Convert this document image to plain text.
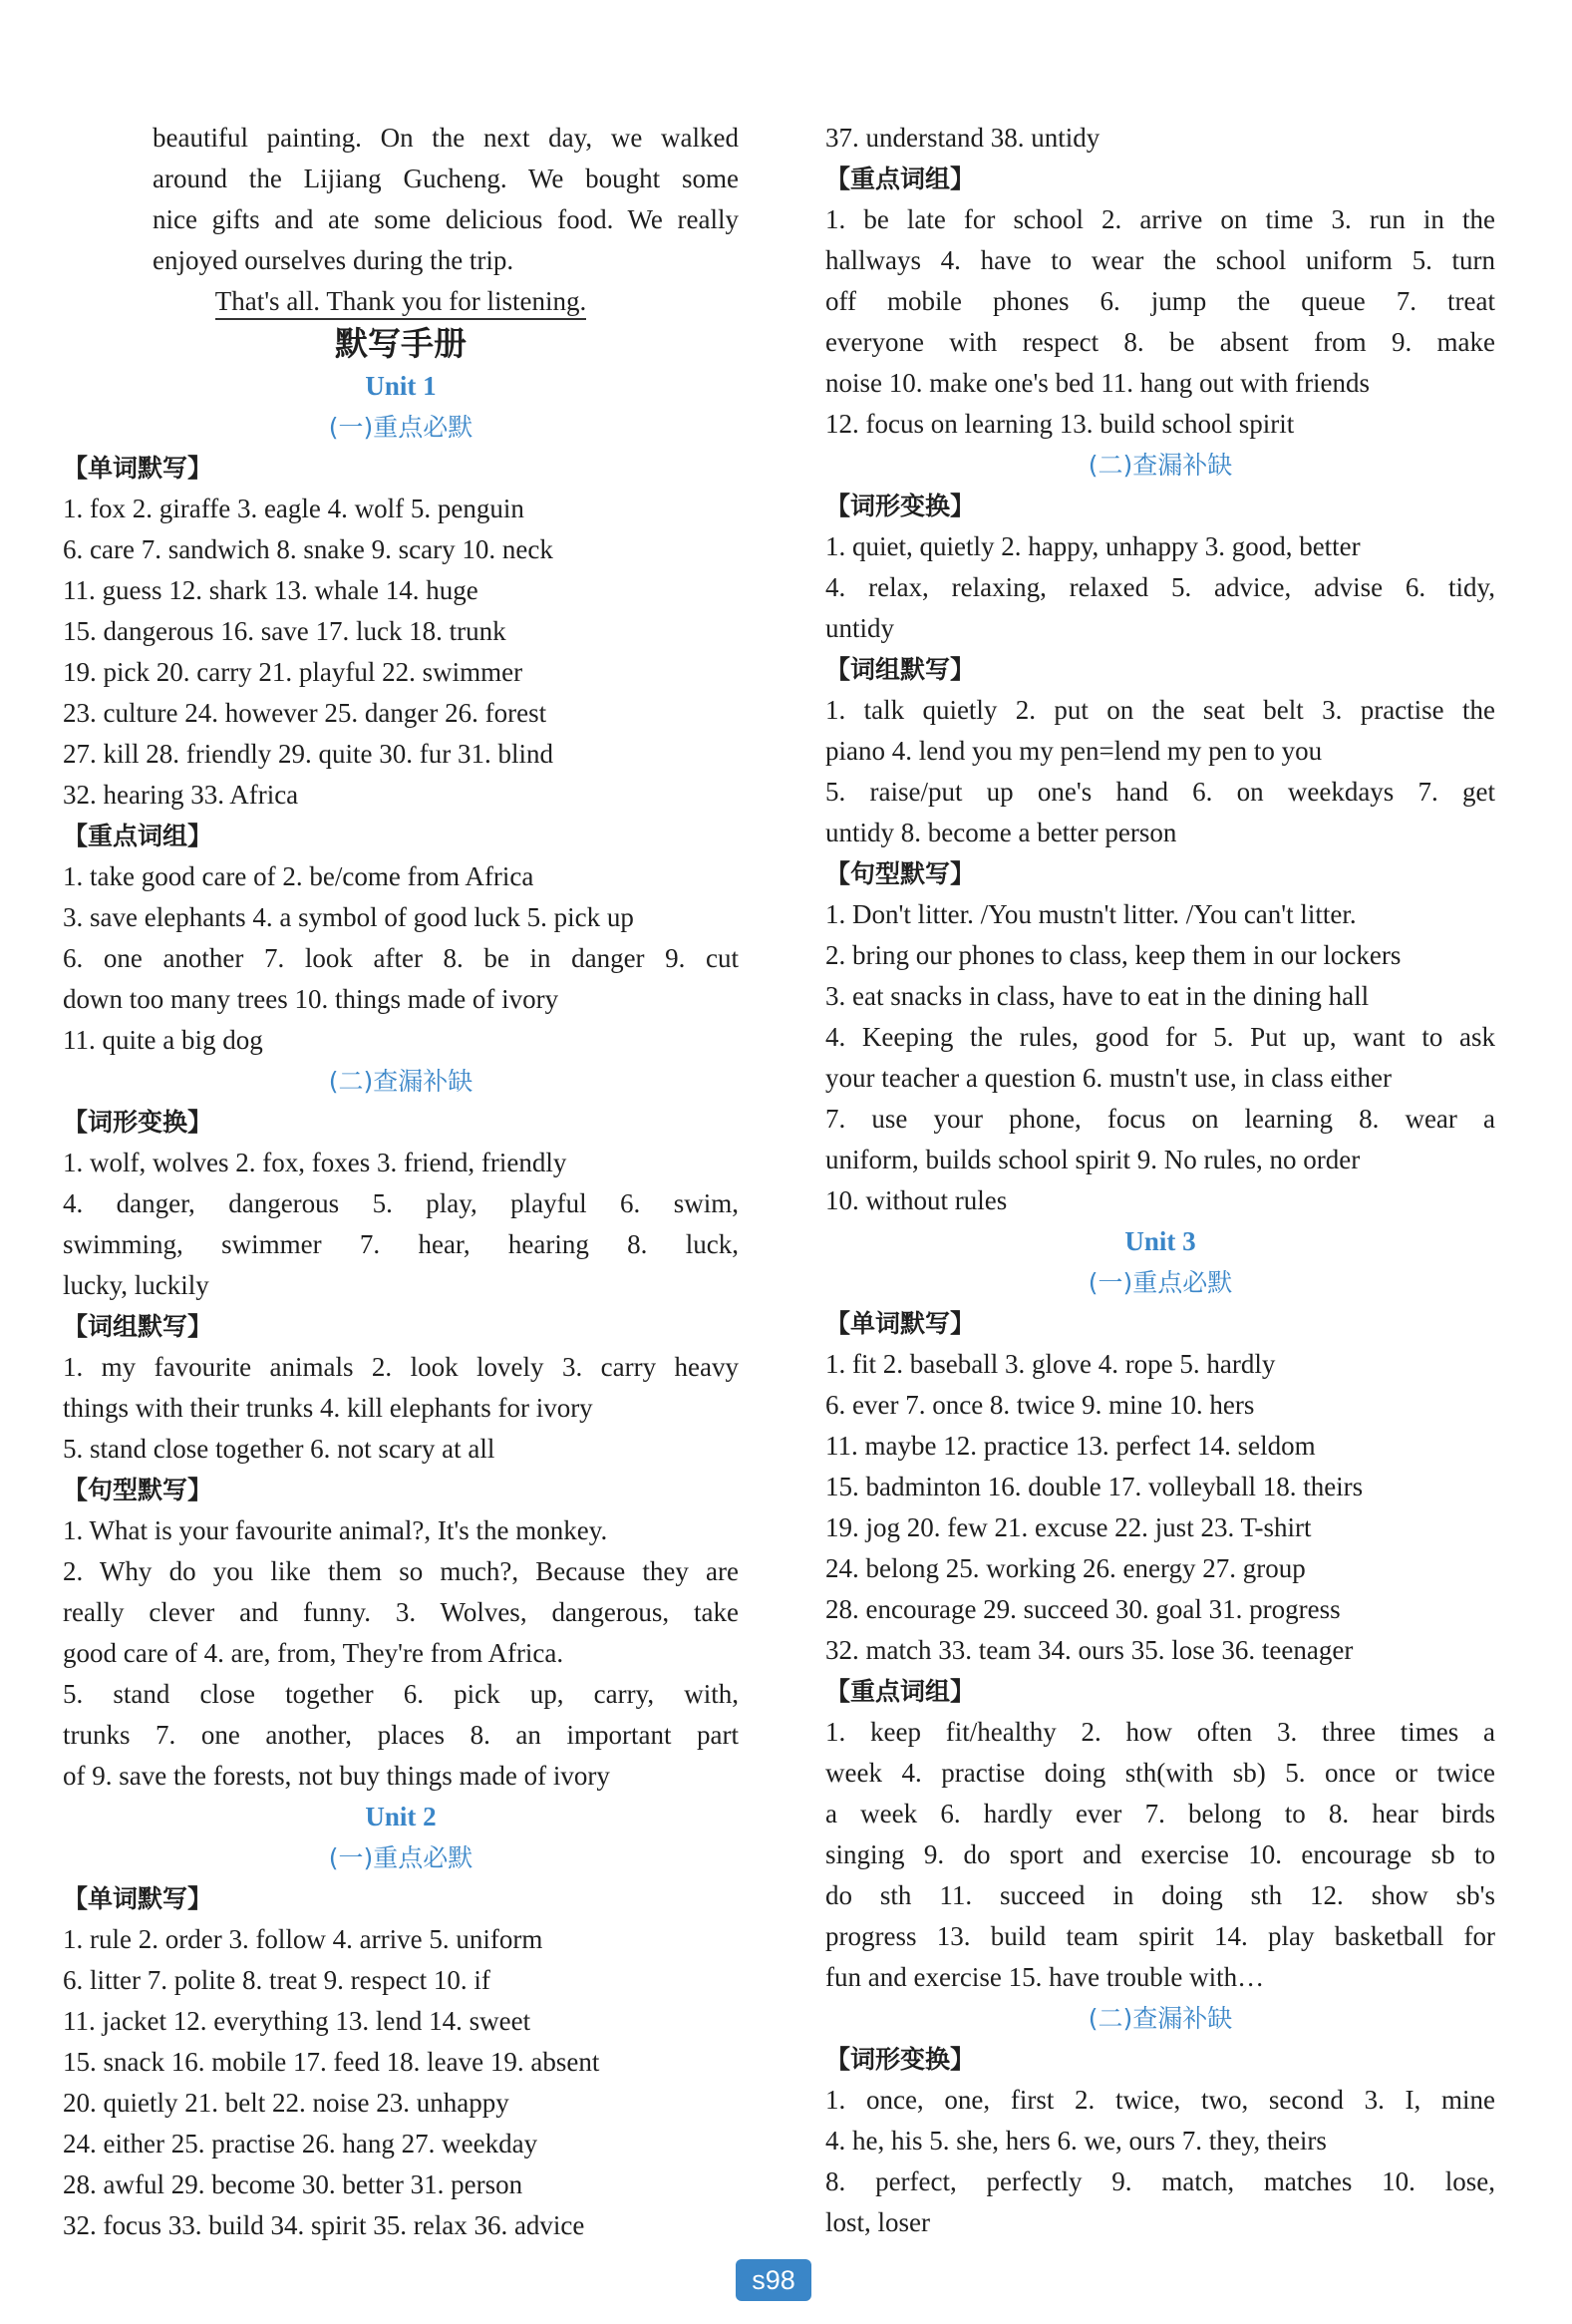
beautiful painting. On the next day, we walked
around the Lijiang Gucheng. We bought some
nice gifts and ate some delicious food. We really
enjoyed ourselves during the trip.
That's all. Thank you for listening.
默写手册
Unit 1
(一)重点必默
【单词默写】
1. fox 2. giraffe 3. eagle 4. wolf 5. penguin
6. care 7. sandwich 8. snake 9. scary 10. neck
11. guess 12. shark 13. whale 14. huge
15. dangerous 16. save 17. luck 18. trunk
19. pick 20. carry 21. playful 22. swimmer
23. culture 24. however 25. danger 26. forest
27. kill 28. friendly 29. quite 30. fur 31. blind
32. hearing 33. Africa
【重点词组】
1. take good care of 2. be/come from Africa
3. save elephants 4. a symbol of good luck 5. pick up
6. one another 7. look after 8. be in danger 9. cut
down too many trees 10. things made of ivory
11. quite a big dog
(二)查漏补缺
【词形变换】
1. wolf, wolves 2. fox, foxes 3. friend, friendly
4. danger, dangerous 5. play, playful 6. swim,
swimming, swimmer 7. hear, hearing 8. luck,
lucky, luckily
【词组默写】
1. my favourite animals 2. look lovely 3. carry heavy
things with their trunks 4. kill elephants for ivory
5. stand close together 6. not scary at all
【句型默写】
1. What is your favourite animal?, It's the monkey.
2. Why do you like them so much?, Because they are
really clever and funny. 3. Wolves, dangerous, take
good care of 4. are, from, They're from Africa.
5. stand close together 6. pick up, carry, with,
trunks 7. one another, places 8. an important part
of 9. save the forests, not buy things made of ivory
Unit 2
(一)重点必默
【单词默写】
1. rule 2. order 3. follow 4. arrive 5. uniform
6. litter 7. polite 8. treat 9. respect 10. if
11. jacket 12. everything 13. lend 14. sweet
15. snack 16. mobile 17. feed 18. leave 19. absent
20. quietly 21. belt 22. noise 23. unhappy
24. either 25. practise 26. hang 27. weekday
28. awful 29. become 30. better 31. person
32. focus 33. build 34. spirit 35. relax 36. advice
37. understand 38. untidy
【重点词组】
1. be late for school 2. arrive on time 3. run in the
hallways 4. have to wear the school uniform 5. turn
off mobile phones 6. jump the queue 7. treat
everyone with respect 8. be absent from 9. make
noise 10. make one's bed 11. hang out with friends
12. focus on learning 13. build school spirit
(二)查漏补缺
【词形变换】
1. quiet, quietly 2. happy, unhappy 3. good, better
4. relax, relaxing, relaxed 5. advice, advise 6. tidy,
untidy
【词组默写】
1. talk quietly 2. put on the seat belt 3. practise the
piano 4. lend you my pen=lend my pen to you
5. raise/put up one's hand 6. on weekdays 7. get
untidy 8. become a better person
【句型默写】
1. Don't litter. /You mustn't litter. /You can't litter.
2. bring our phones to class, keep them in our lockers
3. eat snacks in class, have to eat in the dining hall
4. Keeping the rules, good for 5. Put up, want to ask
your teacher a question 6. mustn't use, in class either
7. use your phone, focus on learning 8. wear a
uniform, builds school spirit 9. No rules, no order
10. without rules
Unit 3
(一)重点必默
【单词默写】
1. fit 2. baseball 3. glove 4. rope 5. hardly
6. ever 7. once 8. twice 9. mine 10. hers
11. maybe 12. practice 13. perfect 14. seldom
15. badminton 16. double 17. volleyball 18. theirs
19. jog 20. few 21. excuse 22. just 23. T-shirt
24. belong 25. working 26. energy 27. group
28. encourage 29. succeed 30. goal 31. progress
32. match 33. team 34. ours 35. lose 36. teenager
【重点词组】
1. keep fit/healthy 2. how often 3. three times a
week 4. practise doing sth(with sb) 5. once or twice
a week 6. hardly ever 7. belong to 8. hear birds
singing 9. do sport and exercise 10. encourage sb to
do sth 11. succeed in doing sth 12. show sb's
progress 13. build team spirit 14. play basketball for
fun and exercise 15. have trouble with…
(二)查漏补缺
【词形变换】
1. once, one, first 2. twice, two, second 3. I, mine
4. he, his 5. she, hers 6. we, ours 7. they, theirs
8. perfect, perfectly 9. match, matches 10. lose,
lost, loser
s98
